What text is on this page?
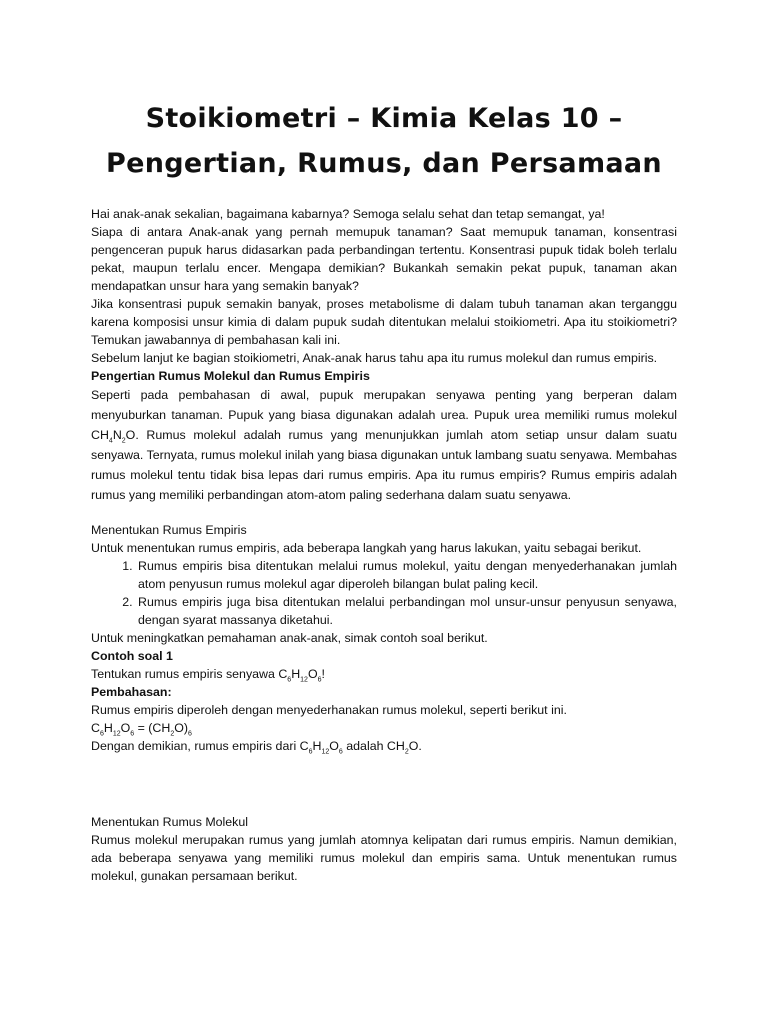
Stoikiometri – Kimia Kelas 10 –
Pengertian, Rumus, dan Persamaan

Hai anak-anak sekalian, bagaimana kabarnya? Semoga selalu sehat dan tetap semangat, ya!

Siapa di antara Anak-anak yang pernah memupuk tanaman? Saat memupuk tanaman, konsentrasi pengenceran pupuk harus didasarkan pada perbandingan tertentu. Konsentrasi pupuk tidak boleh terlalu pekat, maupun terlalu encer. Mengapa demikian? Bukankah semakin pekat pupuk, tanaman akan mendapatkan unsur hara yang semakin banyak?

Jika konsentrasi pupuk semakin banyak, proses metabolisme di dalam tubuh tanaman akan terganggu karena komposisi unsur kimia di dalam pupuk sudah ditentukan melalui stoikiometri. Apa itu stoikiometri? Temukan jawabannya di pembahasan kali ini.

Sebelum lanjut ke bagian stoikiometri, Anak-anak harus tahu apa itu rumus molekul dan rumus empiris.

Pengertian Rumus Molekul dan Rumus Empiris

Seperti pada pembahasan di awal, pupuk merupakan senyawa penting yang berperan dalam menyuburkan tanaman. Pupuk yang biasa digunakan adalah urea. Pupuk urea memiliki rumus molekul $CH_4N_2O$. Rumus molekul adalah rumus yang menunjukkan jumlah atom setiap unsur dalam suatu senyawa. Ternyata, rumus molekul inilah yang biasa digunakan untuk lambang suatu senyawa. Membahas rumus molekul tentu tidak bisa lepas dari rumus empiris. Apa itu rumus empiris? Rumus empiris adalah rumus yang memiliki perbandingan atom-atom paling sederhana dalam suatu senyawa.

Menentukan Rumus Empiris

Untuk menentukan rumus empiris, ada beberapa langkah yang harus lakukan, yaitu sebagai berikut.

1. Rumus empiris bisa ditentukan melalui rumus molekul, yaitu dengan menyederhanakan jumlah atom penyusun rumus molekul agar diperoleh bilangan bulat paling kecil.
2. Rumus empiris juga bisa ditentukan melalui perbandingan mol unsur-unsur penyusun senyawa, dengan syarat massanya diketahui.

Untuk meningkatkan pemahaman anak-anak, simak contoh soal berikut.

Contoh soal 1

Tentukan rumus empiris senyawa $C_6H_{12}O_6$!

Pembahasan:

Rumus empiris diperoleh dengan menyederhanakan rumus molekul, seperti berikut ini.

$C_6H_{12}O_6 = (CH_2O)_6$

Dengan demikian, rumus empiris dari $C_6H_{12}O_6$ adalah $CH_2O$.

Menentukan Rumus Molekul

Rumus molekul merupakan rumus yang jumlah atomnya kelipatan dari rumus empiris. Namun demikian, ada beberapa senyawa yang memiliki rumus molekul dan empiris sama. Untuk menentukan rumus molekul, gunakan persamaan berikut.
